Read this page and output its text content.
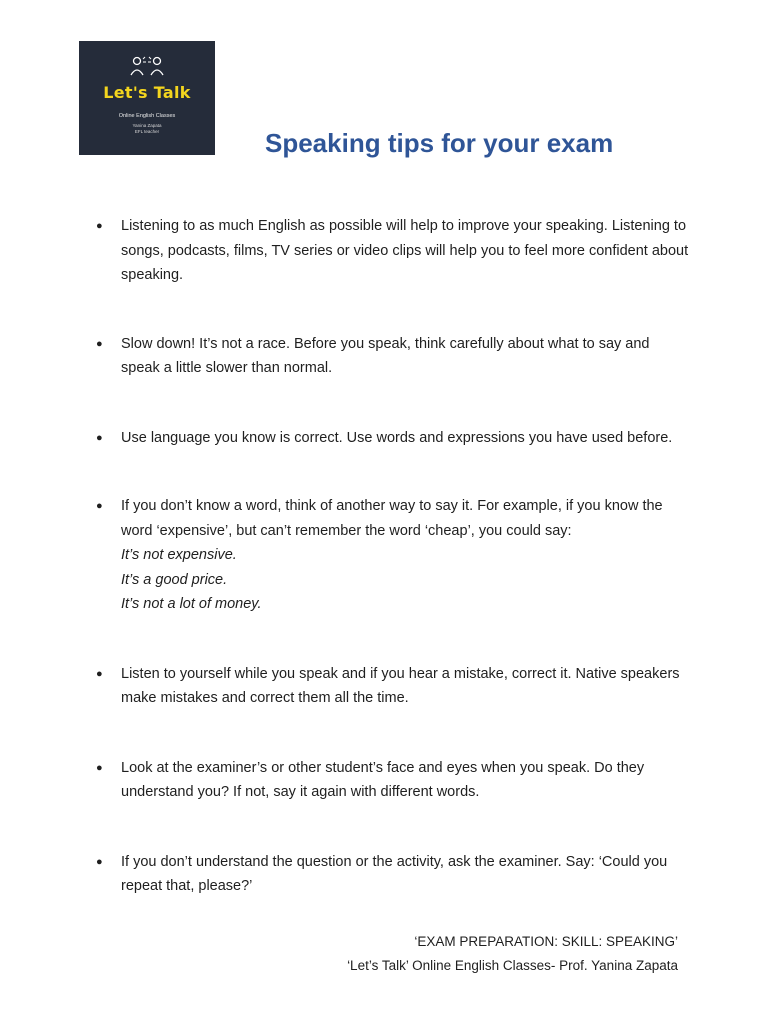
Let's Talk
Online English Classes
Yanina Zapata
EFL teacher	Speaking tips for your exam
● Listening to as much English as possible will help to improve your speaking. Listening to songs, podcasts, films, TV series or video clips will help you to feel more confident about speaking.
● Slow down! It’s not a race. Before you speak, think carefully about what to say and speak a little slower than normal.
● Use language you know is correct. Use words and expressions you have used before.
● If you don’t know a word, think of another way to say it. For example, if you know the word ‘expensive’, but can’t remember the word ‘cheap’, you could say:
It’s not expensive.
It’s a good price.
It’s not a lot of money.
● Listen to yourself while you speak and if you hear a mistake, correct it. Native speakers make mistakes and correct them all the time.
● Look at the examiner’s or other student’s face and eyes when you speak. Do they understand you? If not, say it again with different words.
● If you don’t understand the question or the activity, ask the examiner. Say: ‘Could you repeat that, please?’
‘EXAM PREPARATION: SKILL: SPEAKING’
‘Let’s Talk’ Online English Classes- Prof. Yanina Zapata
